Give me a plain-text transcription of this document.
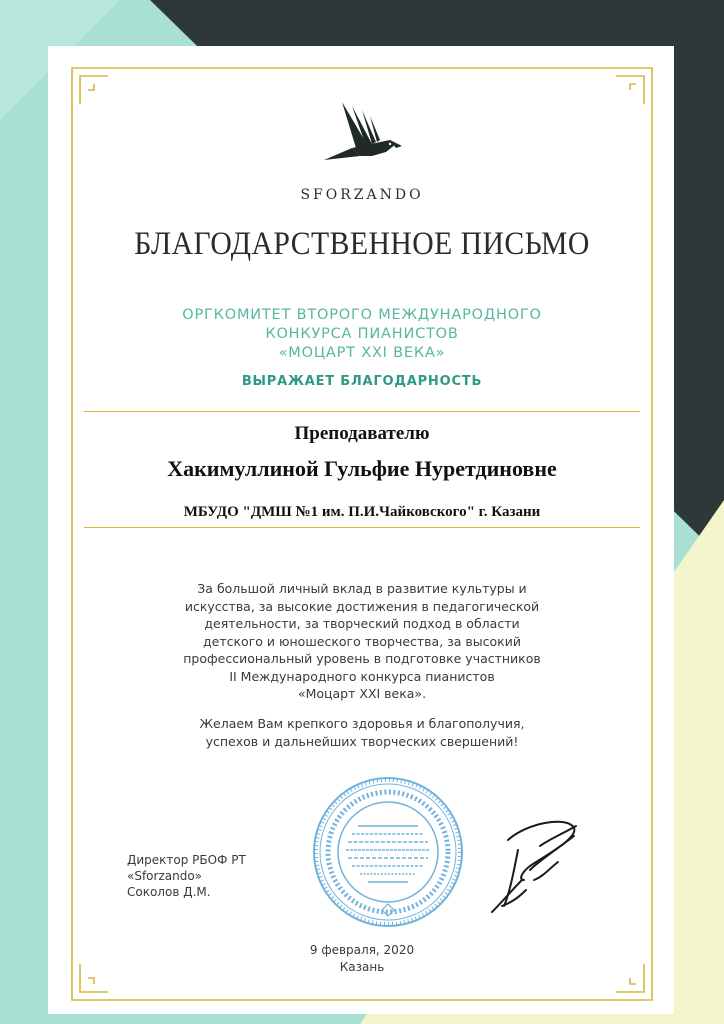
SFORZANDO
БЛАГОДАРСТВЕННОЕ ПИСЬМО
ОРГКОМИТЕТ ВТОРОГО МЕЖДУНАРОДНОГО
КОНКУРСА ПИАНИСТОВ
«МОЦАРТ XXI ВЕКА»
ВЫРАЖАЕТ БЛАГОДАРНОСТЬ
Преподавателю
Хакимуллиной Гульфие Нуретдиновне
МБУДО "ДМШ №1 им. П.И.Чайковского" г. Казани
За большой личный вклад в развитие культуры и
искусства, за высокие достижения в педагогической
деятельности, за творческий подход в области
детского и юношеского творчества, за высокий
профессиональный уровень в подготовке участников
II Международного конкурса пианистов
«Моцарт XXI века».
Желаем Вам крепкого здоровья и благополучия,
успехов и дальнейших творческих свершений!
Директор РБОФ РТ
«Sforzando»
Соколов Д.М.
9 февраля, 2020
Казань
